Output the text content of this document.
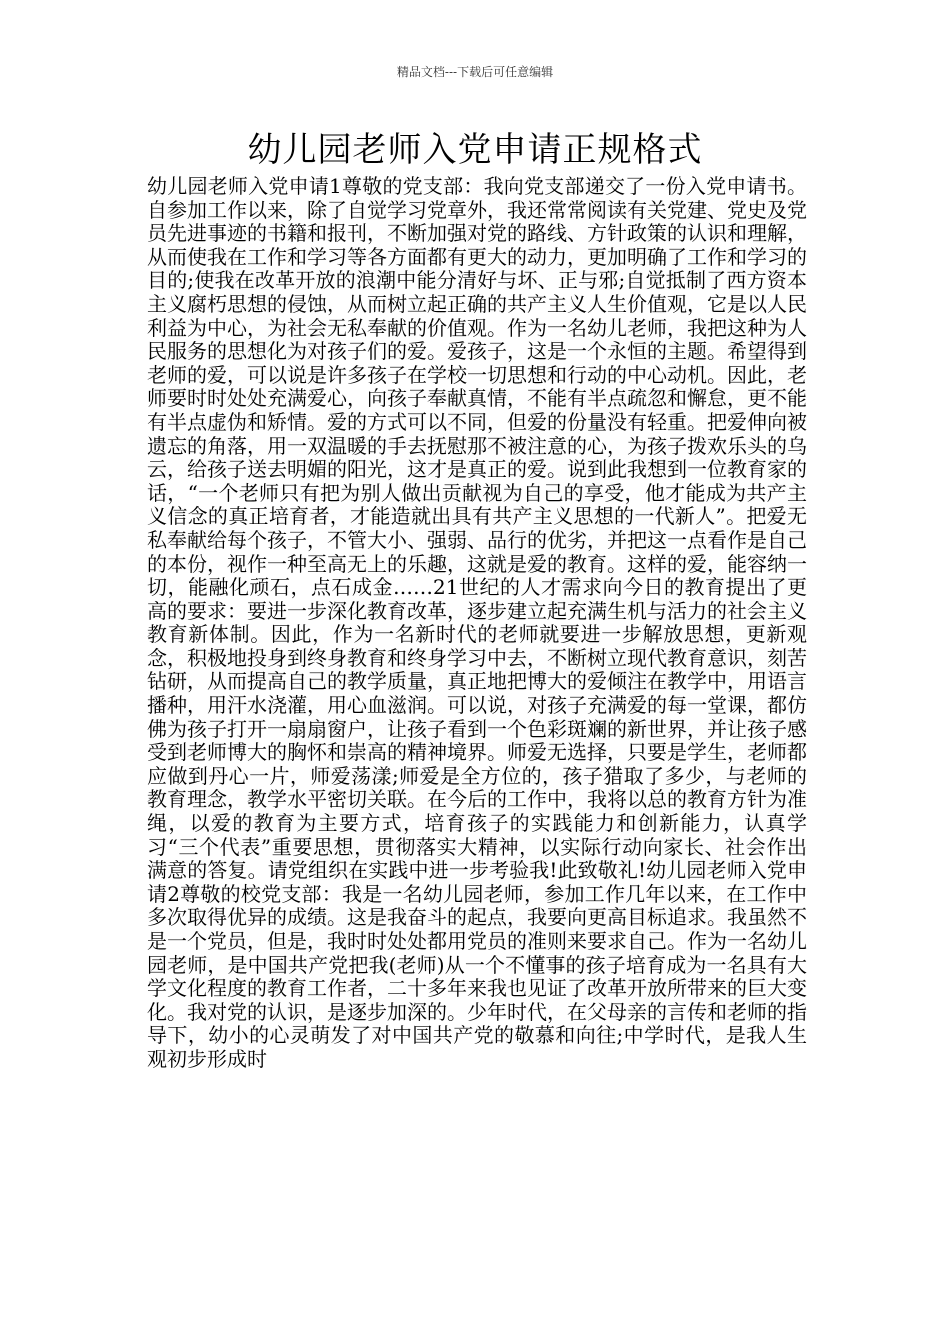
精品文档---下载后可任意编辑
幼儿园老师入党申请正规格式

幼儿园老师入党申请1尊敬的党支部：我向党支部递交了一份入党申请书。自参加工作以来，除了自觉学习党章外，我还常常阅读有关党建、党史及党员先进事迹的书籍和报刊，不断加强对党的路线、方针政策的认识和理解，从而使我在工作和学习等各方面都有更大的动力，更加明确了工作和学习的目的;使我在改革开放的浪潮中能分清好与坏、正与邪;自觉抵制了西方资本主义腐朽思想的侵蚀，从而树立起正确的共产主义人生价值观，它是以人民利益为中心，为社会无私奉献的价值观。作为一名幼儿老师，我把这种为人民服务的思想化为对孩子们的爱。爱孩子，这是一个永恒的主题。希望得到老师的爱，可以说是许多孩子在学校一切思想和行动的中心动机。因此，老师要时时处处充满爱心，向孩子奉献真情，不能有半点疏忽和懈怠，更不能有半点虚伪和矫情。爱的方式可以不同，但爱的份量没有轻重。把爱伸向被遗忘的角落，用一双温暖的手去抚慰那不被注意的心，为孩子拨欢乐头的乌云，给孩子送去明媚的阳光，这才是真正的爱。说到此我想到一位教育家的话，“一个老师只有把为别人做出贡献视为自己的享受，他才能成为共产主义信念的真正培育者，才能造就出具有共产主义思想的一代新人”。把爱无私奉献给每个孩子，不管大小、强弱、品行的优劣，并把这一点看作是自己的本份，视作一种至高无上的乐趣，这就是爱的教育。这样的爱，能容纳一切，能融化顽石，点石成金……21世纪的人才需求向今日的教育提出了更高的要求：要进一步深化教育改革，逐步建立起充满生机与活力的社会主义教育新体制。因此，作为一名新时代的老师就要进一步解放思想，更新观念，积极地投身到终身教育和终身学习中去，不断树立现代教育意识，刻苦钻研，从而提高自己的教学质量，真正地把博大的爱倾注在教学中，用语言播种，用汗水浇灌，用心血滋润。可以说，对孩子充满爱的每一堂课，都仿佛为孩子打开一扇扇窗户，让孩子看到一个色彩斑斓的新世界，并让孩子感受到老师博大的胸怀和崇高的精神境界。师爱无选择，只要是学生，老师都应做到丹心一片，师爱荡漾;师爱是全方位的，孩子猎取了多少，与老师的教育理念，教学水平密切关联。在今后的工作中，我将以总的教育方针为准绳，以爱的教育为主要方式，培育孩子的实践能力和创新能力，认真学习“三个代表”重要思想，贯彻落实大精神，以实际行动向家长、社会作出满意的答复。请党组织在实践中进一步考验我!此致敬礼!幼儿园老师入党申请2尊敬的校党支部：我是一名幼儿园老师，参加工作几年以来，在工作中多次取得优异的成绩。这是我奋斗的起点，我要向更高目标追求。我虽然不是一个党员，但是，我时时处处都用党员的准则来要求自己。作为一名幼儿园老师，是中国共产党把我(老师)从一个不懂事的孩子培育成为一名具有大学文化程度的教育工作者，二十多年来我也见证了改革开放所带来的巨大变化。我对党的认识，是逐步加深的。少年时代，在父母亲的言传和老师的指导下，幼小的心灵萌发了对中国共产党的敬慕和向往;中学时代，是我人生观初步形成时
